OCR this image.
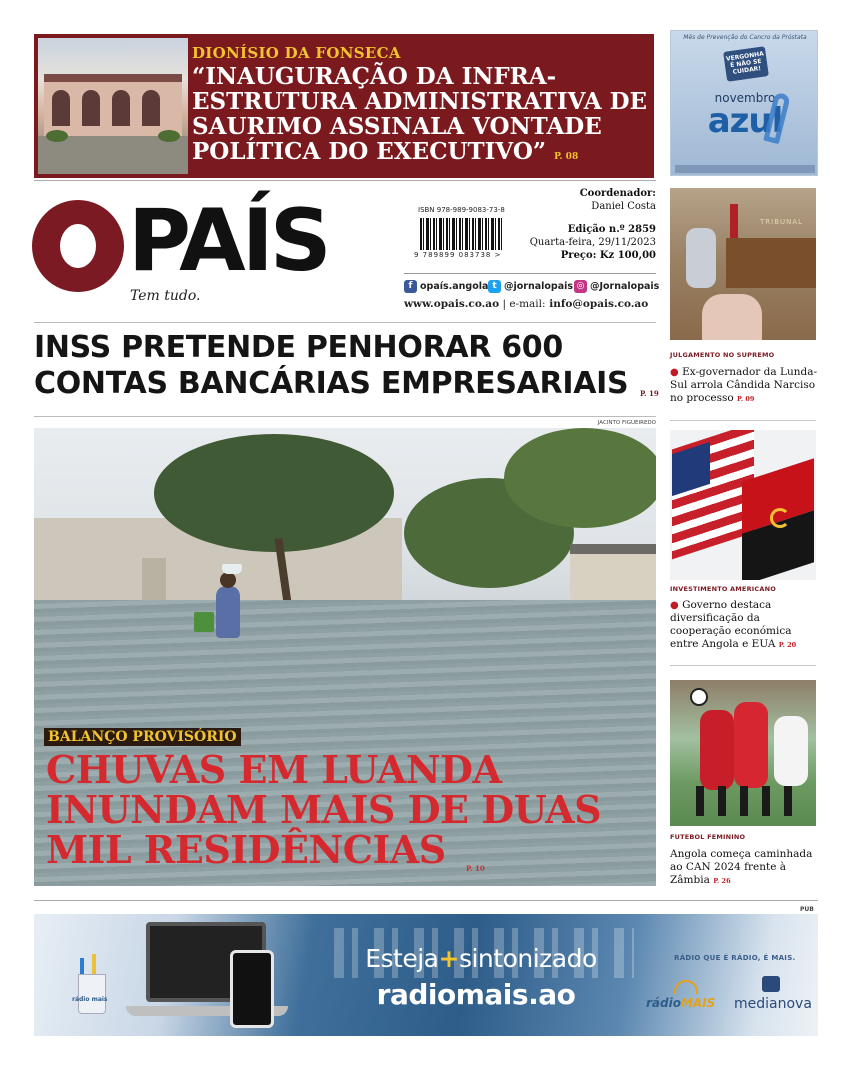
DIONÍSIO DA FONSECA
“INAUGURAÇÃO DA INFRA-ESTRUTURA ADMINISTRATIVA DE SAURIMO ASSINALA VONTADE POLÍTICA DO EXECUTIVO” P. 08
Mês de Prevenção do Cancro da Próstata
VERGONHA É NÃO SE CUIDAR!
novembro
azul
PAÍS
Tem tudo.
ISBN 978-989-9083-73-8
9 789899 083738 >
Coordenador:
Daniel Costa
Edição n.º 2859
Quarta-feira, 29/11/2023
Preço: Kz 100,00
f opaís.angola t @jornalopais ◎ @Jornalopais
www.opais.co.ao | e-mail: info@opais.co.ao
INSS PRETENDE PENHORAR 600 CONTAS BANCÁRIAS EMPRESARIAIS	P. 19
JACINTO FIGUEIREDO
BALANÇO PROVISÓRIO
CHUVAS EM LUANDA INUNDAM MAIS DE DUAS MIL RESIDÊNCIAS	P. 10
TRIBUNAL
JULGAMENTO NO SUPREMO
● Ex-governador da Lunda-Sul arrola Cândida Narciso no processo P. 09
INVESTIMENTO AMERICANO
● Governo destaca diversificação da cooperação económica entre Angola e EUA P. 20
FUTEBOL FEMININO
Angola começa caminhada ao CAN 2024 frente à Zâmbia P. 26
PUB
rádio mais
Esteja+sintonizado
radiomais.ao
RÁDIO QUE É RÁDIO, É MAIS.
rádioMAIS medianova
